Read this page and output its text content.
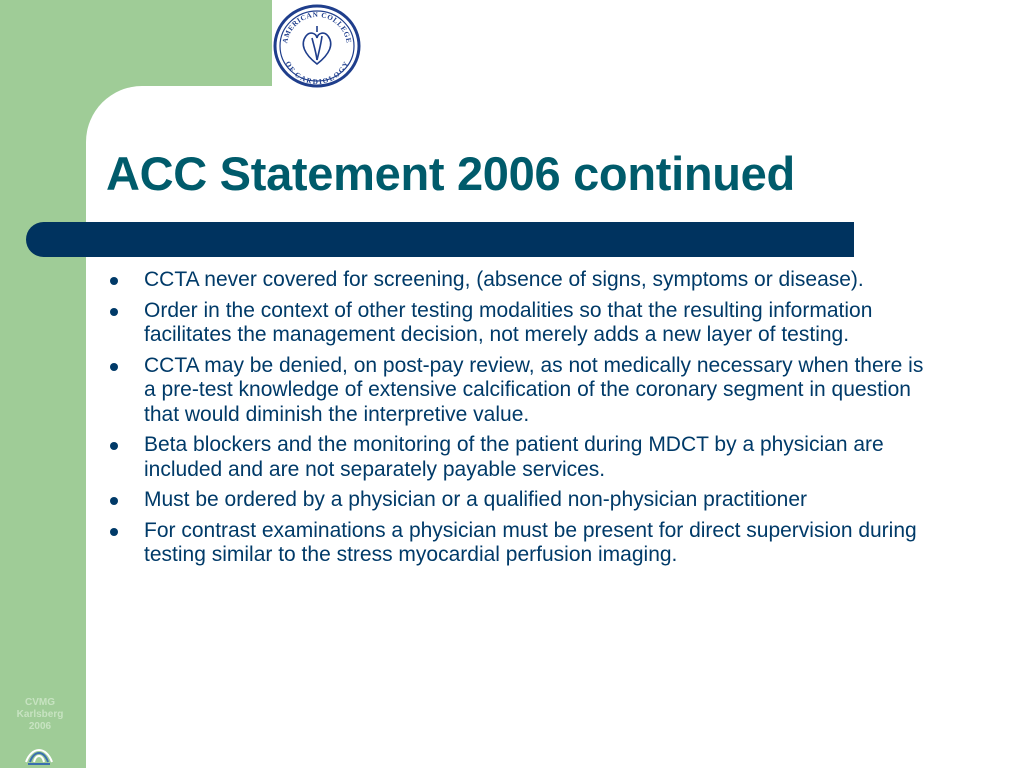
AMERICAN COLLEGE
OF CARDIOLOGY
ACC Statement 2006 continued
CCTA never covered for screening, (absence of signs, symptoms or disease).
Order in the context of other testing modalities so that the resulting information facilitates the management decision, not merely adds a new layer of testing.
CCTA may be denied, on post-pay review, as not medically necessary when there is a pre-test knowledge of extensive calcification of the coronary segment in question that would diminish the interpretive value.
Beta blockers and the monitoring of the patient during MDCT by a physician are included and are not separately payable services.
Must be ordered by a physician or a qualified non-physician practitioner
For contrast examinations a physician must be present for direct supervision during testing similar to the stress myocardial perfusion imaging.
CVMG
Karlsberg
2006
